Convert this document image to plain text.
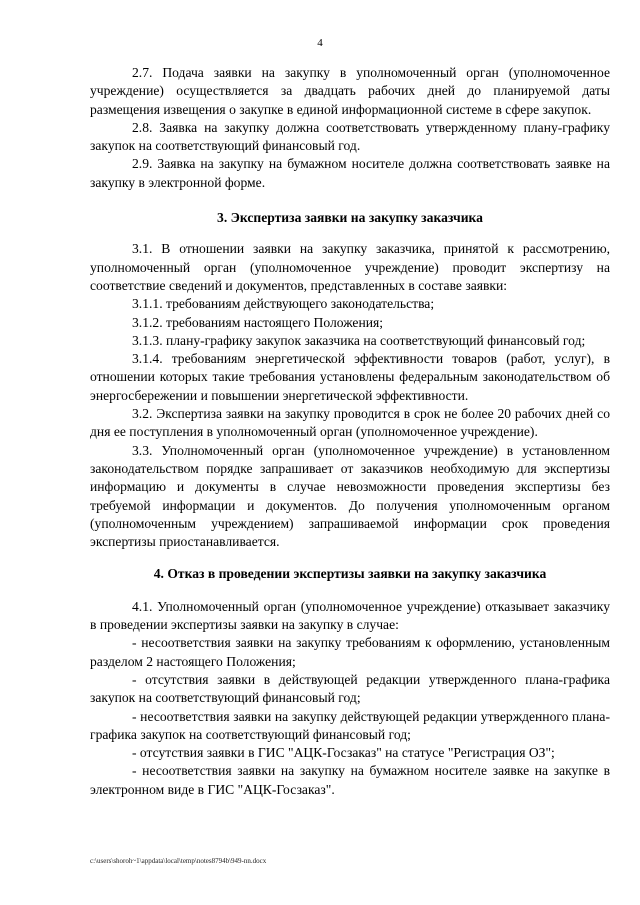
4

2.7. Подача заявки на закупку в уполномоченный орган (уполномоченное учреждение) осуществляется за двадцать рабочих дней до планируемой даты размещения извещения о закупке в единой информационной системе в сфере закупок.

2.8. Заявка на закупку должна соответствовать утвержденному плану-графику закупок на соответствующий финансовый год.

2.9. Заявка на закупку на бумажном носителе должна соответствовать заявке на закупку в электронной форме.

3. Экспертиза заявки на закупку заказчика

3.1. В отношении заявки на закупку заказчика, принятой к рассмотрению, уполномоченный орган (уполномоченное учреждение) проводит экспертизу на соответствие сведений и документов, представленных в составе заявки:

3.1.1. требованиям действующего законодательства;

3.1.2. требованиям настоящего Положения;

3.1.3. плану-графику закупок заказчика на соответствующий финансовый год;

3.1.4. требованиям энергетической эффективности товаров (работ, услуг), в отношении которых такие требования установлены федеральным законодательством об энергосбережении и повышении энергетической эффективности.

3.2. Экспертиза заявки на закупку проводится в срок не более 20 рабочих дней со дня ее поступления в уполномоченный орган (уполномоченное учреждение).

3.3. Уполномоченный орган (уполномоченное учреждение) в установленном законодательством порядке запрашивает от заказчиков необходимую для экспертизы информацию и документы в случае невозможности проведения экспертизы без требуемой информации и документов. До получения уполномоченным органом (уполномоченным учреждением) запрашиваемой информации срок проведения экспертизы приостанавливается.

4. Отказ в проведении экспертизы заявки на закупку заказчика

4.1. Уполномоченный орган (уполномоченное учреждение) отказывает заказчику в проведении экспертизы заявки на закупку в случае:

- несоответствия заявки на закупку требованиям к оформлению, установленным разделом 2 настоящего Положения;

- отсутствия заявки в действующей редакции утвержденного плана-графика закупок на соответствующий финансовый год;

- несоответствия заявки на закупку действующей редакции утвержденного плана-графика закупок на соответствующий финансовый год;

- отсутствия заявки в ГИС "АЦК-Госзаказ" на статусе "Регистрация ОЗ";

- несоответствия заявки на закупку на бумажном носителе заявке на закупке в электронном виде в ГИС "АЦК-Госзаказ".

c:\users\shoroh~1\appdata\local\temp\notes8794b\949-nn.docx
